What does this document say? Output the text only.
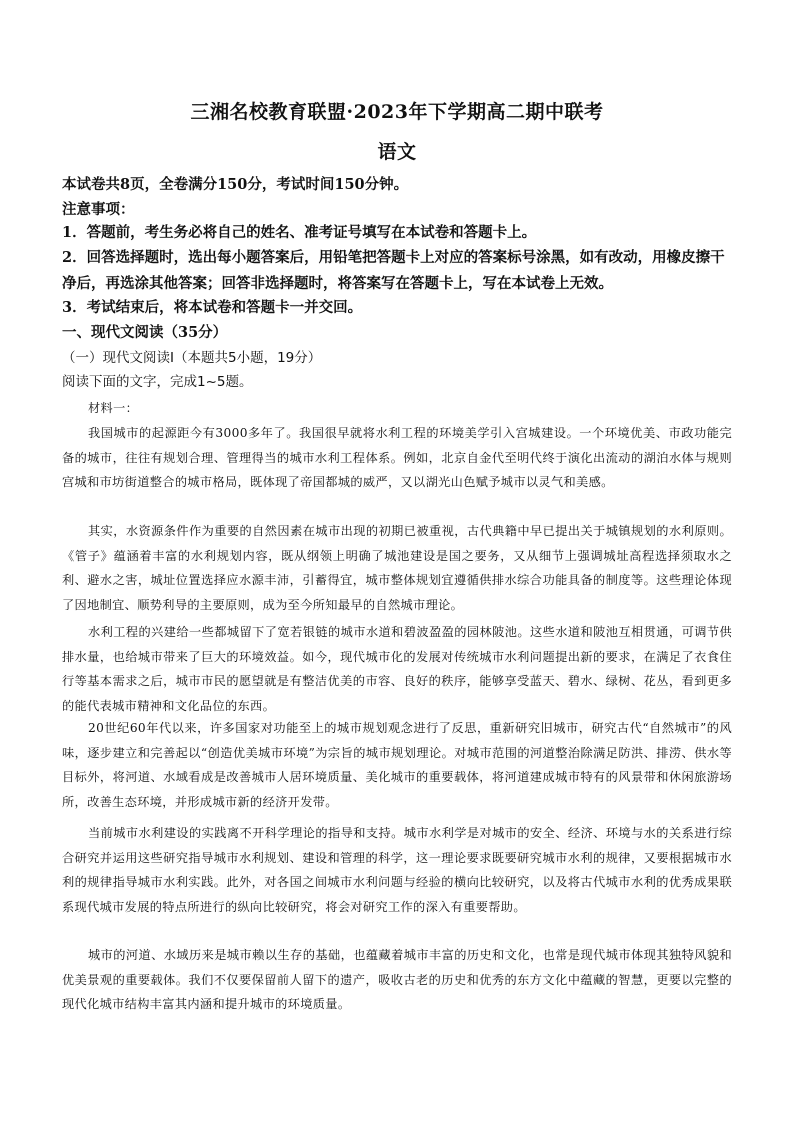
三湘名校教育联盟·2023年下学期高二期中联考
语文
本试卷共8页，全卷满分150分，考试时间150分钟。
注意事项：
1．答题前，考生务必将自己的姓名、准考证号填写在本试卷和答题卡上。
2．回答选择题时，选出每小题答案后，用铅笔把答题卡上对应的答案标号涂黑，如有改动，用橡皮擦干净后，再选涂其他答案；回答非选择题时，将答案写在答题卡上，写在本试卷上无效。
3．考试结束后，将本试卷和答题卡一并交回。
一、现代文阅读（35分）
（一）现代文阅读Ⅰ（本题共5小题，19分）
阅读下面的文字，完成1~5题。
材料一：
我国城市的起源距今有3000多年了。我国很早就将水利工程的环境美学引入宫城建设。一个环境优美、市政功能完备的城市，往往有规划合理、管理得当的城市水利工程体系。例如，北京自金代至明代终于演化出流动的湖泊水体与规则宫城和市坊街道整合的城市格局，既体现了帝国都城的威严，又以湖光山色赋予城市以灵气和美感。
其实，水资源条件作为重要的自然因素在城市出现的初期已被重视，古代典籍中早已提出关于城镇规划的水利原则。《管子》蕴涵着丰富的水利规划内容，既从纲领上明确了城池建设是国之要务，又从细节上强调城址高程选择须取水之利、避水之害，城址位置选择应水源丰沛，引蓄得宜，城市整体规划宜遵循供排水综合功能具备的制度等。这些理论体现了因地制宜、顺势利导的主要原则，成为至今所知最早的自然城市理论。
水利工程的兴建给一些都城留下了宽若银链的城市水道和碧波盈盈的园林陂池。这些水道和陂池互相贯通，可调节供排水量，也给城市带来了巨大的环境效益。如今，现代城市化的发展对传统城市水利问题提出新的要求，在满足了衣食住行等基本需求之后，城市市民的愿望就是有整洁优美的市容、良好的秩序，能够享受蓝天、碧水、绿树、花丛，看到更多的能代表城市精神和文化品位的东西。
20世纪60年代以来，许多国家对功能至上的城市规划观念进行了反思，重新研究旧城市，研究古代“自然城市”的风味，逐步建立和完善起以“创造优美城市环境”为宗旨的城市规划理论。对城市范围的河道整治除满足防洪、排涝、供水等目标外，将河道、水域看成是改善城市人居环境质量、美化城市的重要载体，将河道建成城市特有的风景带和休闲旅游场所，改善生态环境，并形成城市新的经济开发带。
当前城市水利建设的实践离不开科学理论的指导和支持。城市水利学是对城市的安全、经济、环境与水的关系进行综合研究并运用这些研究指导城市水利规划、建设和管理的科学，这一理论要求既要研究城市水利的规律，又要根据城市水利的规律指导城市水利实践。此外，对各国之间城市水利问题与经验的横向比较研究，以及将古代城市水利的优秀成果联系现代城市发展的特点所进行的纵向比较研究，将会对研究工作的深入有重要帮助。
城市的河道、水域历来是城市赖以生存的基础，也蕴藏着城市丰富的历史和文化，也常是现代城市体现其独特风貌和优美景观的重要载体。我们不仅要保留前人留下的遗产，吸收古老的历史和优秀的东方文化中蕴藏的智慧，更要以完整的现代化城市结构丰富其内涵和提升城市的环境质量。
